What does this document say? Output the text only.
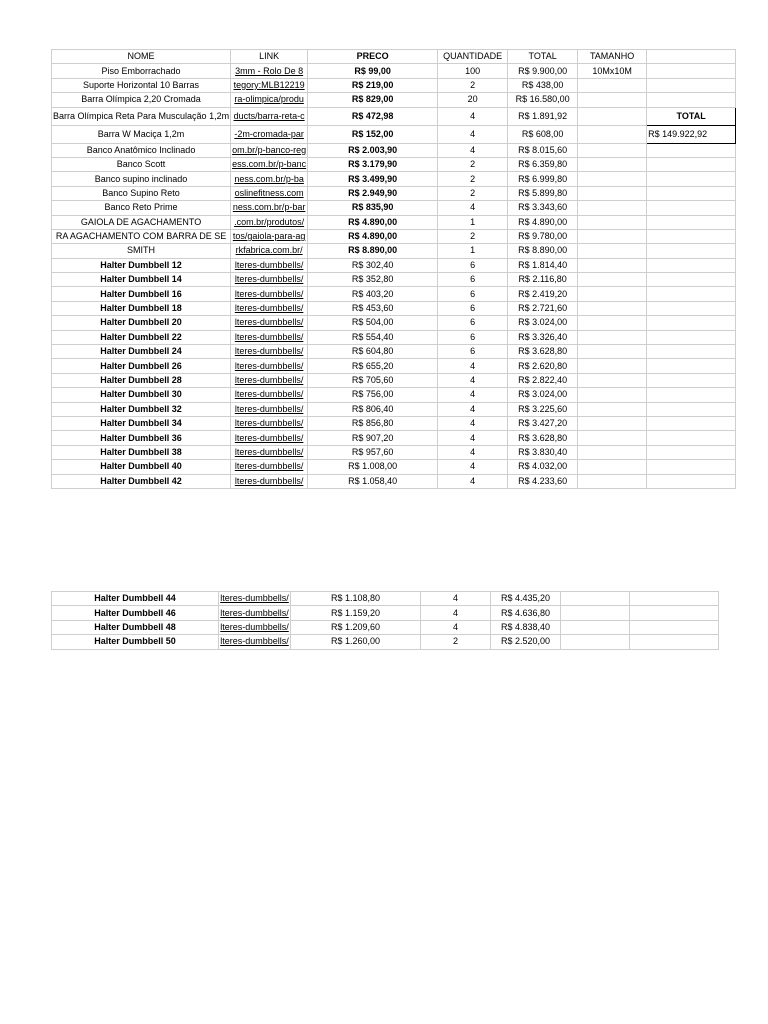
NOME	LINK	PRECO	QUANTIDADE	TOTAL	TAMANHO	
Piso Emborrachado	3mm - Rolo De 8	R$ 99,00	100	R$ 9.900,00	10Mx10M	
Suporte Horizontal 10 Barras	tegory:MLB12219	R$ 219,00	2	R$ 438,00		
Barra Olímpica 2,20 Cromada	ra-olimpica/produ	R$ 829,00	20	R$ 16.580,00		
Barra Olímpica Reta Para Musculação 1,2m	ducts/barra-reta-c	R$ 472,98	4	R$ 1.891,92		TOTAL
Barra W Maciça 1,2m	-2m-cromada-par	R$ 152,00	4	R$ 608,00		R$ 149.922,92
Banco Anatômico Inclinado	om.br/p-banco-reg	R$ 2.003,90	4	R$ 8.015,60		
Banco Scott	ess.com.br/p-banc	R$ 3.179,90	2	R$ 6.359,80		
Banco supino inclinado	ness.com.br/p-ba	R$ 3.499,90	2	R$ 6.999,80		
Banco Supino Reto	oslinefitness.com	R$ 2.949,90	2	R$ 5.899,80		
Banco Reto Prime	ness.com.br/p-bar	R$ 835,90	4	R$ 3.343,60		
GAIOLA DE AGACHAMENTO	.com.br/produtos/	R$ 4.890,00	1	R$ 4.890,00		
RA AGACHAMENTO COM BARRA DE SE	tos/gaiola-para-ag	R$ 4.890,00	2	R$ 9.780,00		
SMITH	rkfabrica.com.br/	R$ 8.890,00	1	R$ 8.890,00		
Halter Dumbbell 12	lteres-dumbbells/	R$ 302,40	6	R$ 1.814,40		
Halter Dumbbell 14	lteres-dumbbells/	R$ 352,80	6	R$ 2.116,80		
Halter Dumbbell 16	lteres-dumbbells/	R$ 403,20	6	R$ 2.419,20		
Halter Dumbbell 18	lteres-dumbbells/	R$ 453,60	6	R$ 2.721,60		
Halter Dumbbell 20	lteres-dumbbells/	R$ 504,00	6	R$ 3.024,00		
Halter Dumbbell 22	lteres-dumbbells/	R$ 554,40	6	R$ 3.326,40		
Halter Dumbbell 24	lteres-dumbbells/	R$ 604,80	6	R$ 3.628,80		
Halter Dumbbell 26	lteres-dumbbells/	R$ 655,20	4	R$ 2.620,80		
Halter Dumbbell 28	lteres-dumbbells/	R$ 705,60	4	R$ 2.822,40		
Halter Dumbbell 30	lteres-dumbbells/	R$ 756,00	4	R$ 3.024,00		
Halter Dumbbell 32	lteres-dumbbells/	R$ 806,40	4	R$ 3.225,60		
Halter Dumbbell 34	lteres-dumbbells/	R$ 856,80	4	R$ 3.427,20		
Halter Dumbbell 36	lteres-dumbbells/	R$ 907,20	4	R$ 3.628,80		
Halter Dumbbell 38	lteres-dumbbells/	R$ 957,60	4	R$ 3.830,40		
Halter Dumbbell 40	lteres-dumbbells/	R$ 1.008,00	4	R$ 4.032,00		
Halter Dumbbell 42	lteres-dumbbells/	R$ 1.058,40	4	R$ 4.233,60		
Halter Dumbbell 44	lteres-dumbbells/	R$ 1.108,80	4	R$ 4.435,20		
Halter Dumbbell 46	lteres-dumbbells/	R$ 1.159,20	4	R$ 4.636,80		
Halter Dumbbell 48	lteres-dumbbells/	R$ 1.209,60	4	R$ 4.838,40		
Halter Dumbbell 50	lteres-dumbbells/	R$ 1.260,00	2	R$ 2.520,00		
